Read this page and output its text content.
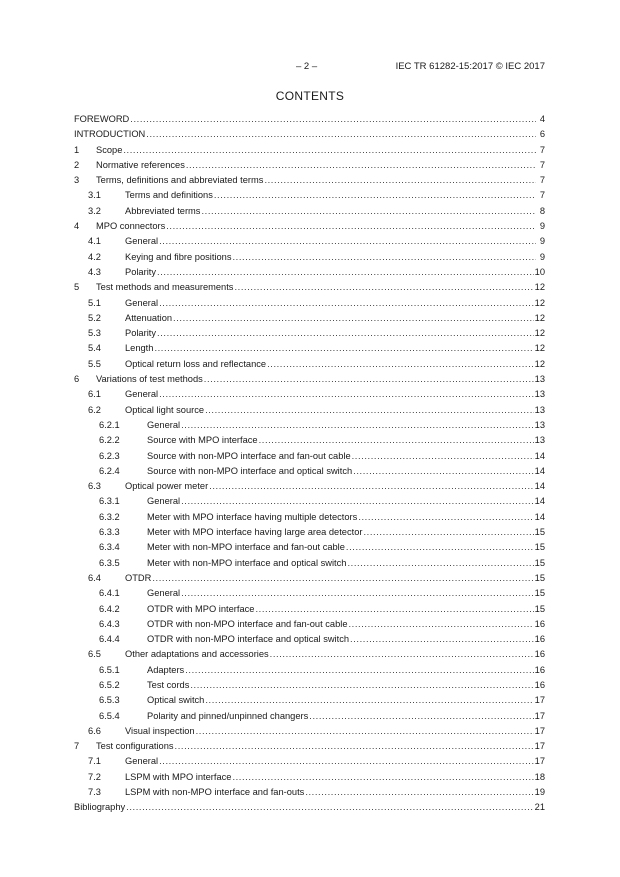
– 2 –	IEC TR 61282-15:2017 © IEC 2017
CONTENTS
FOREWORD .....	4
INTRODUCTION .....	6
1	Scope .....	7
2	Normative references .....	7
3	Terms, definitions and abbreviated terms .....	7
3.1	Terms and definitions .....	7
3.2	Abbreviated terms .....	8
4	MPO connectors .....	9
4.1	General .....	9
4.2	Keying and fibre positions .....	9
4.3	Polarity .....	10
5	Test methods and measurements .....	12
5.1	General .....	12
5.2	Attenuation .....	12
5.3	Polarity .....	12
5.4	Length .....	12
5.5	Optical return loss and reflectance .....	12
6	Variations of test methods .....	13
6.1	General .....	13
6.2	Optical light source .....	13
6.2.1	General .....	13
6.2.2	Source with MPO interface .....	13
6.2.3	Source with non-MPO interface and fan-out cable .....	14
6.2.4	Source with non-MPO interface and optical switch .....	14
6.3	Optical power meter .....	14
6.3.1	General .....	14
6.3.2	Meter with MPO interface having multiple detectors .....	14
6.3.3	Meter with MPO interface having large area detector .....	15
6.3.4	Meter with non-MPO interface and fan-out cable .....	15
6.3.5	Meter with non-MPO interface and optical switch .....	15
6.4	OTDR .....	15
6.4.1	General .....	15
6.4.2	OTDR with MPO interface .....	15
6.4.3	OTDR with non-MPO interface and fan-out cable .....	16
6.4.4	OTDR with non-MPO interface and optical switch .....	16
6.5	Other adaptations and accessories .....	16
6.5.1	Adapters .....	16
6.5.2	Test cords .....	16
6.5.3	Optical switch .....	17
6.5.4	Polarity and pinned/unpinned changers .....	17
6.6	Visual inspection .....	17
7	Test configurations .....	17
7.1	General .....	17
7.2	LSPM with MPO interface .....	18
7.3	LSPM with non-MPO interface and fan-outs .....	19
Bibliography .....	21
